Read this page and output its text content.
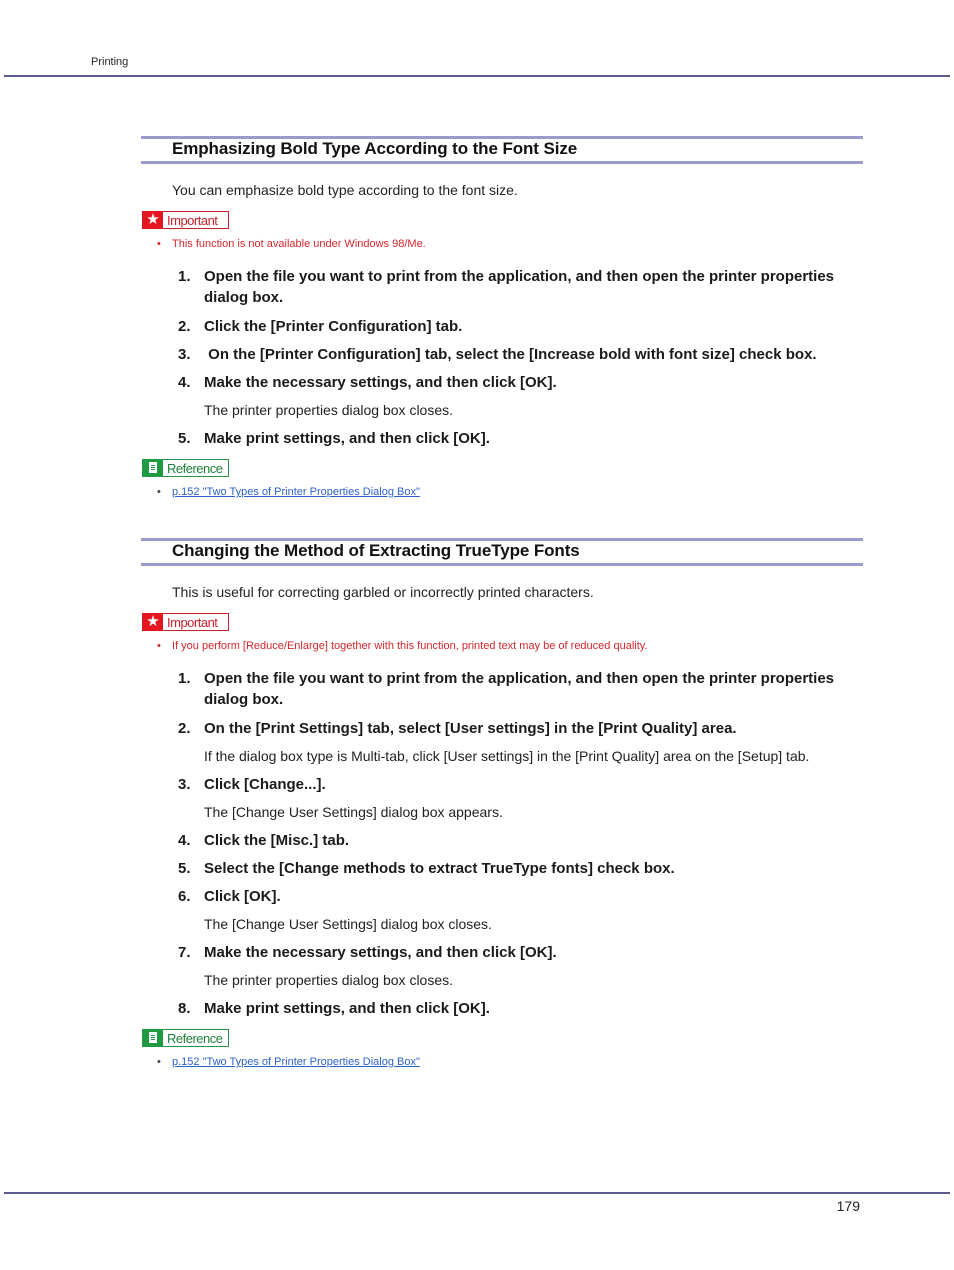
Printing
Emphasizing Bold Type According to the Font Size
You can emphasize bold type according to the font size.
★ Important
• This function is not available under Windows 98/Me.
1. Open the file you want to print from the application, and then open the printer properties dialog box.
2. Click the [Printer Configuration] tab.
3. On the [Printer Configuration] tab, select the [Increase bold with font size] check box.
4. Make the necessary settings, and then click [OK].
The printer properties dialog box closes.
5. Make print settings, and then click [OK].
Reference
• p.152 "Two Types of Printer Properties Dialog Box"
Changing the Method of Extracting TrueType Fonts
This is useful for correcting garbled or incorrectly printed characters.
★ Important
• If you perform [Reduce/Enlarge] together with this function, printed text may be of reduced quality.
1. Open the file you want to print from the application, and then open the printer properties dialog box.
2. On the [Print Settings] tab, select [User settings] in the [Print Quality] area.
If the dialog box type is Multi-tab, click [User settings] in the [Print Quality] area on the [Setup] tab.
3. Click [Change...].
The [Change User Settings] dialog box appears.
4. Click the [Misc.] tab.
5. Select the [Change methods to extract TrueType fonts] check box.
6. Click [OK].
The [Change User Settings] dialog box closes.
7. Make the necessary settings, and then click [OK].
The printer properties dialog box closes.
8. Make print settings, and then click [OK].
Reference
• p.152 "Two Types of Printer Properties Dialog Box"
179
